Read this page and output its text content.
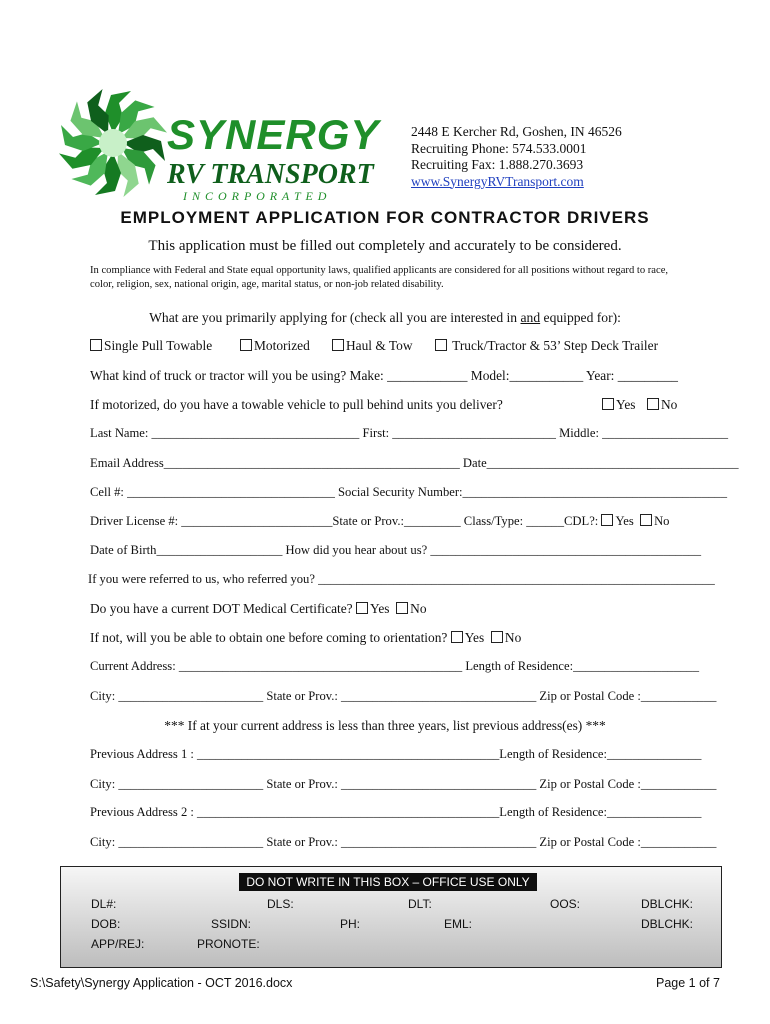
SYNERGY
RV TRANSPORT
I N C O R P O R A T E D
2448 E Kercher Rd, Goshen, IN 46526
Recruiting Phone: 574.533.0001
Recruiting Fax: 1.888.270.3693
www.SynergyRVTransport.com
EMPLOYMENT APPLICATION FOR CONTRACTOR DRIVERS
This application must be filled out completely and accurately to be considered.
In compliance with Federal and State equal opportunity laws, qualified applicants are considered for all positions without regard to race, color, religion, sex, national origin, age, marital status, or non-job related disability.
What are you primarily applying for (check all you are interested in and equipped for):
Single Pull Towable	Motorized	Haul & Tow	Truck/Tractor & 53’ Step Deck Trailer
What kind of truck or tractor will you be using? Make: ____________ Model:___________ Year: _________
If motorized, do you have a towable vehicle to pull behind units you deliver?	Yes	No
Last Name: _________________________________ First: __________________________ Middle: ____________________
Email Address_______________________________________________ Date________________________________________
Cell #: _________________________________ Social Security Number:__________________________________________
Driver License #: ________________________State or Prov.:_________ Class/Type: ______CDL?: Yes No
Date of Birth____________________ How did you hear about us? ___________________________________________
If you were referred to us, who referred you? _______________________________________________________________
Do you have a current DOT Medical Certificate? Yes No
If not, will you be able to obtain one before coming to orientation? Yes No
Current Address: _____________________________________________ Length of Residence:____________________
City: _______________________ State or Prov.: _______________________________ Zip or Postal Code :____________
*** If at your current address is less than three years, list previous address(es) ***
Previous Address 1 : ________________________________________________Length of Residence:_______________
City: _______________________ State or Prov.: _______________________________ Zip or Postal Code :____________
Previous Address 2 : ________________________________________________Length of Residence:_______________
City: _______________________ State or Prov.: _______________________________ Zip or Postal Code :____________
DO NOT WRITE IN THIS BOX – OFFICE USE ONLY
DL#:	DLS:	DLT:	OOS:	DBLCHK:
DOB:	SSIDN:	PH:	EML:	DBLCHK:
APP/REJ:	PRONOTE:
S:\Safety\Synergy Application - OCT 2016.docx	Page 1 of 7
